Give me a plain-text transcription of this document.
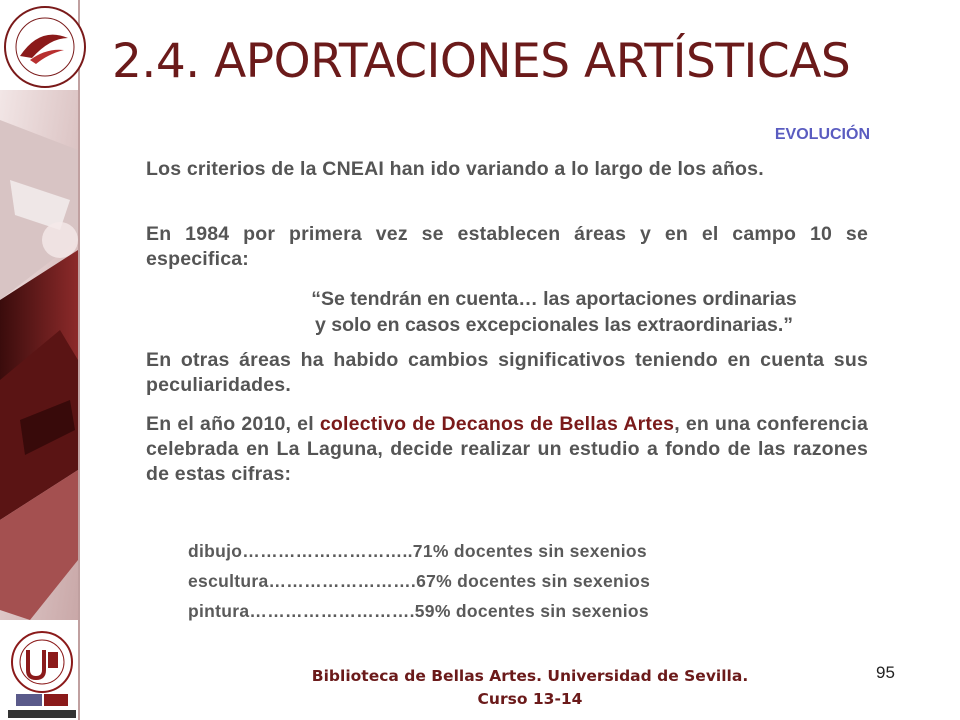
2.4. APORTACIONES ARTÍSTICAS
EVOLUCIÓN

Los criterios de la CNEAI han ido variando a lo largo de los años.

En 1984 por primera vez se establecen áreas y en el campo 10 se especifica:

“Se tendrán en cuenta… las aportaciones ordinarias
y solo en casos excepcionales las extraordinarias.”

En otras áreas ha habido cambios significativos teniendo en cuenta sus peculiaridades.

En el año 2010, el colectivo de Decanos de Bellas Artes, en una conferencia celebrada en La Laguna, decide realizar un estudio a fondo de las razones de estas cifras:

dibujo………………………..71% docentes sin sexenios
escultura…………………….67% docentes sin sexenios
pintura……………………….59% docentes sin sexenios
Biblioteca de Bellas Artes. Universidad de Sevilla.
Curso 13-14
95
